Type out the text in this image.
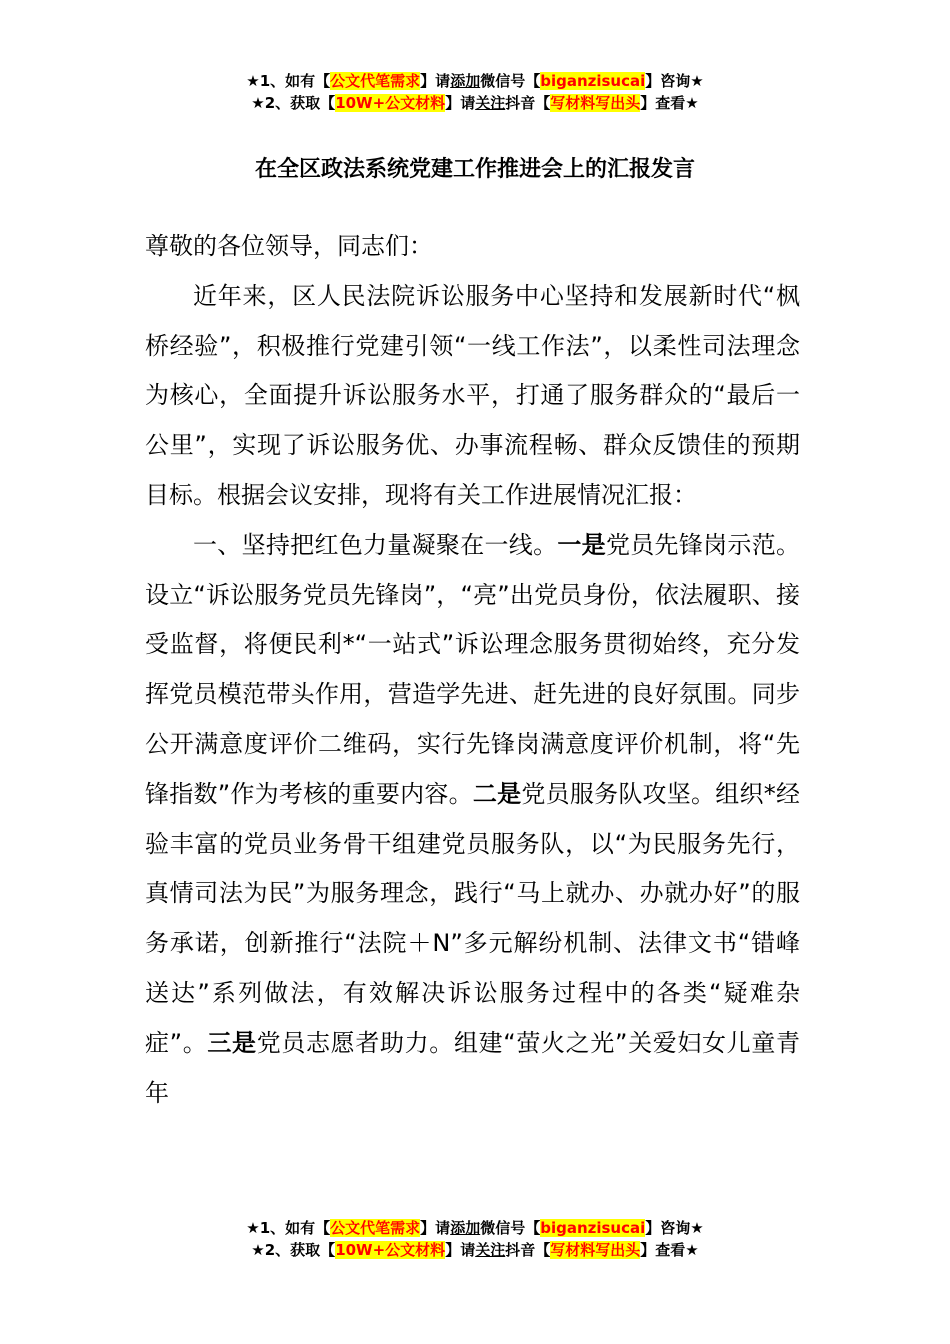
★1、如有【公文代笔需求】请添加微信号【biganzisucai】咨询★
★2、获取【10W+公文材料】请关注抖音【写材料写出头】查看★
在全区政法系统党建工作推进会上的汇报发言

尊敬的各位领导，同志们：

近年来，区人民法院诉讼服务中心坚持和发展新时代“枫桥经验”，积极推行党建引领“一线工作法”，以柔性司法理念为核心，全面提升诉讼服务水平，打通了服务群众的“最后一公里”，实现了诉讼服务优、办事流程畅、群众反馈佳的预期目标。根据会议安排，现将有关工作进展情况汇报：

一、坚持把红色力量凝聚在一线。一是党员先锋岗示范。设立“诉讼服务党员先锋岗”，“亮”出党员身份，依法履职、接受监督，将便民利*“一站式”诉讼理念服务贯彻始终，充分发挥党员模范带头作用，营造学先进、赶先进的良好氛围。同步公开满意度评价二维码，实行先锋岗满意度评价机制，将“先锋指数”作为考核的重要内容。二是党员服务队攻坚。组织*经验丰富的党员业务骨干组建党员服务队，以“为民服务先行，真情司法为民”为服务理念，践行“马上就办、办就办好”的服务承诺，创新推行“法院＋N”多元解纷机制、法律文书“错峰送达”系列做法，有效解决诉讼服务过程中的各类“疑难杂症”。三是党员志愿者助力。组建“萤火之光”关爱妇女儿童青年

★1、如有【公文代笔需求】请添加微信号【biganzisucai】咨询★
★2、获取【10W+公文材料】请关注抖音【写材料写出头】查看★
